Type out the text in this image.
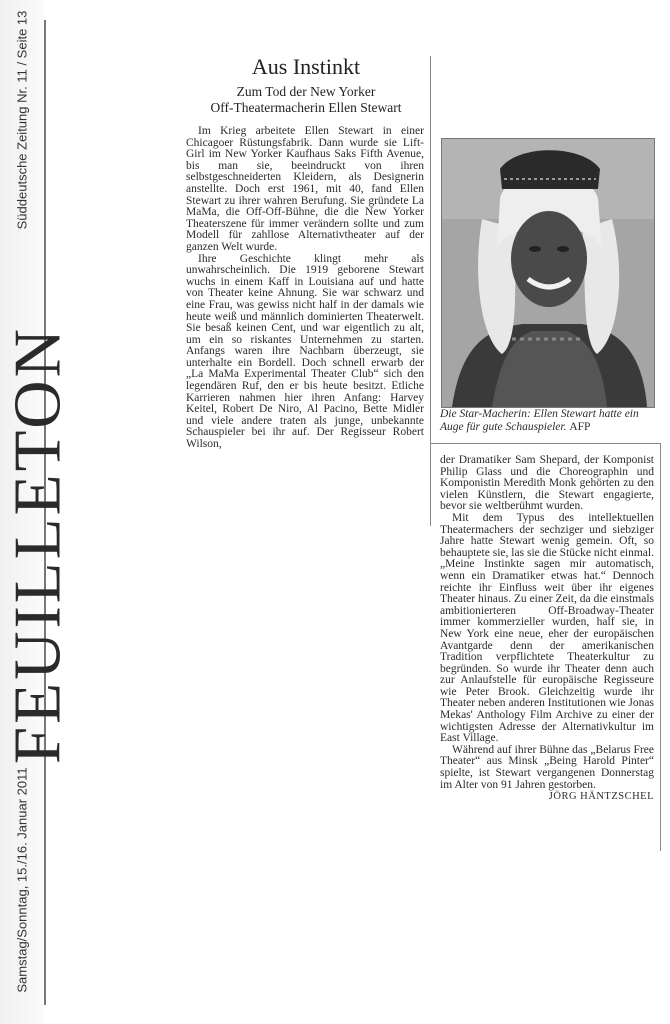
Samstag/Sonntag, 15./16. Januar 2011
FEUILLETON
Süddeutsche Zeitung Nr. 11 / Seite 13	Aus Instinkt
Zum Tod der New Yorker
Off-Theatermacherin Ellen Stewart

Im Krieg arbeitete Ellen Stewart in einer Chicagoer Rüstungsfabrik. Dann wurde sie Lift-Girl im New Yorker Kaufhaus Saks Fifth Avenue, bis man sie, beeindruckt von ihren selbstgeschneiderten Kleidern, als Designerin anstellte. Doch erst 1961, mit 40, fand Ellen Stewart zu ihrer wahren Berufung. Sie gründete La MaMa, die Off-Off-Bühne, die die New Yorker Theaterszene für immer verändern sollte und zum Modell für zahllose Alternativtheater auf der ganzen Welt wurde.

Ihre Geschichte klingt mehr als unwahrscheinlich. Die 1919 geborene Stewart wuchs in einem Kaff in Louisiana auf und hatte von Theater keine Ahnung. Sie war schwarz und eine Frau, was gewiss nicht half in der damals wie heute weiß und männlich dominierten Theaterwelt. Sie besaß keinen Cent, und war eigentlich zu alt, um ein so riskantes Unternehmen zu starten. Anfangs waren ihre Nachbarn überzeugt, sie unterhalte ein Bordell. Doch schnell erwarb der „La MaMa Experimental Theater Club“ sich den legendären Ruf, den er bis heute besitzt. Etliche Karrieren nahmen hier ihren Anfang: Harvey Keitel, Robert De Niro, Al Pacino, Bette Midler und viele andere traten als junge, unbekannte Schauspieler bei ihr auf. Der Regisseur Robert Wilson,

Die Star-Macherin: Ellen Stewart hatte ein Auge für gute Schauspieler. AFP

der Dramatiker Sam Shepard, der Komponist Philip Glass und die Choreographin und Komponistin Meredith Monk gehörten zu den vielen Künstlern, die Stewart engagierte, bevor sie weltberühmt wurden.

Mit dem Typus des intellektuellen Theatermachers der sechziger und siebziger Jahre hatte Stewart wenig gemein. Oft, so behauptete sie, las sie die Stücke nicht einmal. „Meine Instinkte sagen mir automatisch, wenn ein Dramatiker etwas hat.“ Dennoch reichte ihr Einfluss weit über ihr eigenes Theater hinaus. Zu einer Zeit, da die einstmals ambitionierteren Off-Broadway-Theater immer kommerzieller wurden, half sie, in New York eine neue, eher der europäischen Avantgarde denn der amerikanischen Tradition verpflichtete Theaterkultur zu begründen. So wurde ihr Theater denn auch zur Anlaufstelle für europäische Regisseure wie Peter Brook. Gleichzeitig wurde ihr Theater neben anderen Institutionen wie Jonas Mekas' Anthology Film Archive zu einer der wichtigsten Adresse der Alternativkultur im East Village.

Während auf ihrer Bühne das „Belarus Free Theater“ aus Minsk „Being Harold Pinter“ spielte, ist Stewart vergangenen Donnerstag im Alter von 91 Jahren gestorben.

JÖRG HÄNTZSCHEL
